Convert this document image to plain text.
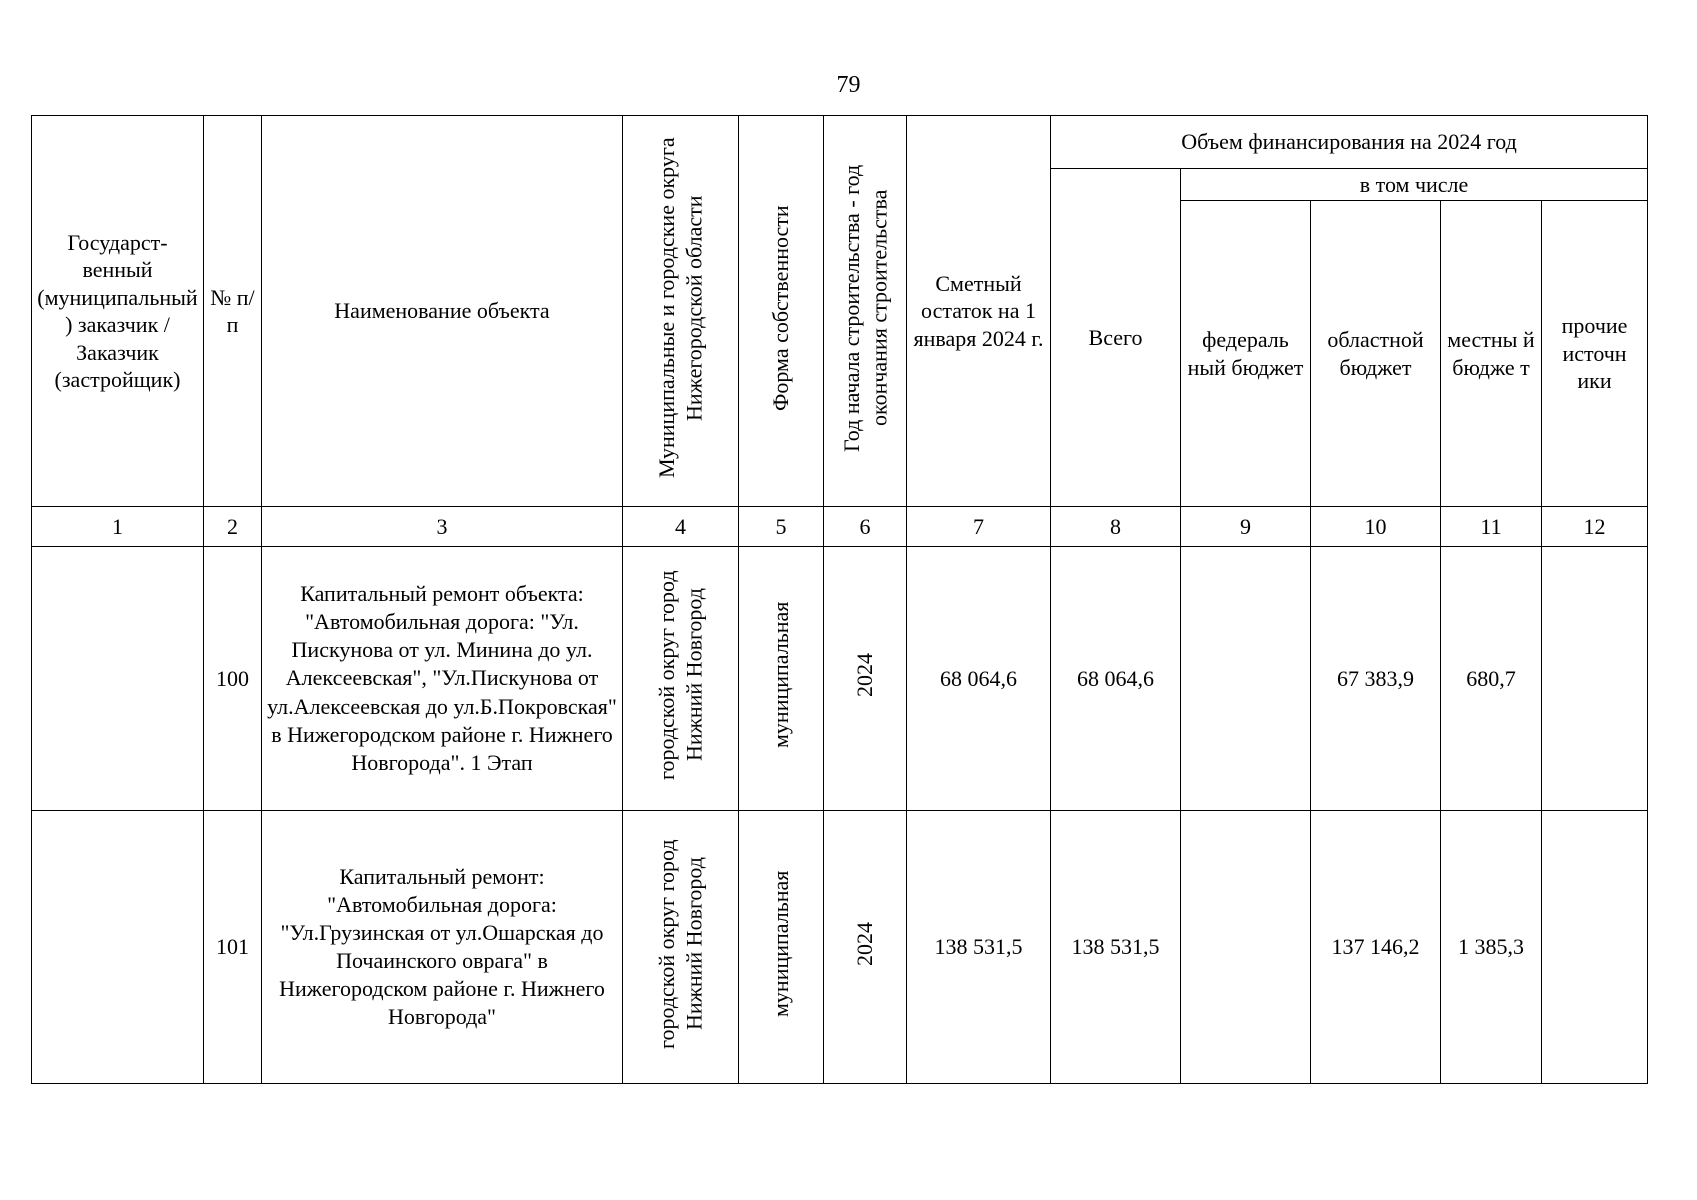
79
Государст-венный (муниципальный) заказчик / Заказчик (застройщик)	№ п/п	Наименование объекта	Муниципальные и городские округа Нижегородской области	Форма собственности	Год начала строительства - год окончания строительства	Сметный остаток на 1 января 2024 г.	Объем финансирования на 2024 год				

							Всего	в том числе			

								федераль ный бюджет	областной бюджет	местны й бюдже т	прочие источн ики

1	2	3	4	5	6	7	8	9	10	11	12
	100	Капитальный ремонт объекта: "Автомобильная дорога: "Ул. Пискунова от ул. Минина до ул. Алексеевская", "Ул.Пискунова от ул.Алексеевская до ул.Б.Покровская" в Нижегородском районе г. Нижнего Новгорода". 1 Этап	городской округ город Нижний Новгород	муниципальная	2024	68 064,6	68 064,6		67 383,9	680,7	
	101	Капитальный ремонт: "Автомобильная дорога: "Ул.Грузинская от ул.Ошарская до Почаинского оврага" в Нижегородском районе г. Нижнего Новгорода"	городской округ город Нижний Новгород	муниципальная	2024	138 531,5	138 531,5		137 146,2	1 385,3	
